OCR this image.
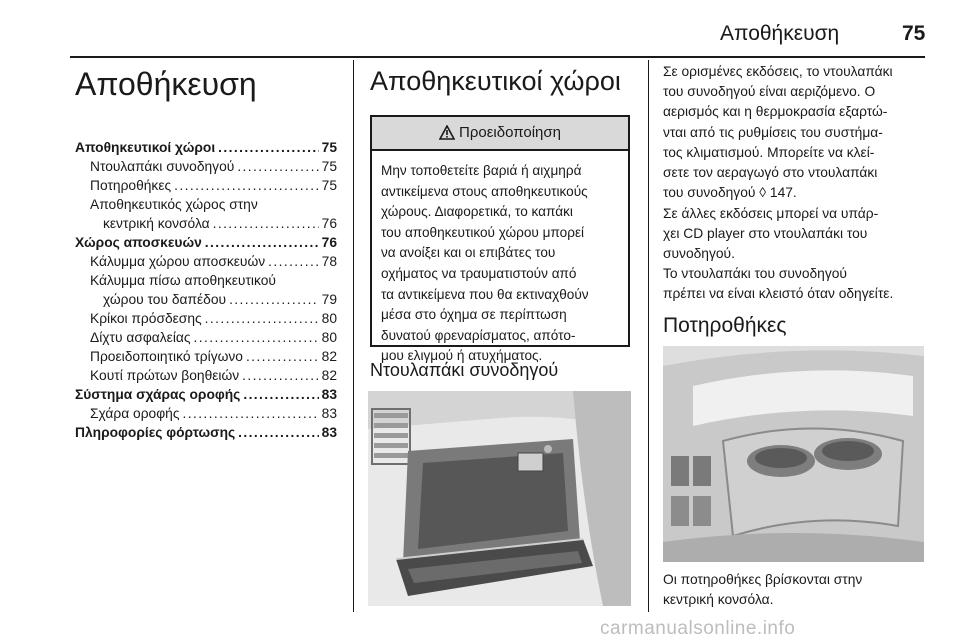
Αποθήκευση	75
Αποθήκευση
Αποθηκευτικοί χώροι .....	75
Ντουλαπάκι συνοδηγού .....	75
Ποτηροθήκες .....	75
Αποθηκευτικός χώρος στην
κεντρική κονσόλα .....	76
Χώρος αποσκευών .....	76
Κάλυμμα χώρου αποσκευών .....	78
Κάλυμμα πίσω αποθηκευτικού
χώρου του δαπέδου .....	79
Κρίκοι πρόσδεσης .....	80
Δίχτυ ασφαλείας .....	80
Προειδοποιητικό τρίγωνο .....	82
Κουτί πρώτων βοηθειών .....	82
Σύστημα σχάρας οροφής .....	83
Σχάρα οροφής .....	83
Πληροφορίες φόρτωσης .....	83
Αποθηκευτικοί χώροι
Προειδοποίηση
Μην τοποθετείτε βαριά ή αιχμηρά
αντικείμενα στους αποθηκευτικούς
χώρους. Διαφορετικά, το καπάκι
του αποθηκευτικού χώρου μπορεί
να ανοίξει και οι επιβάτες του
οχήματος να τραυματιστούν από
τα αντικείμενα που θα εκτιναχθούν
μέσα στο όχημα σε περίπτωση
δυνατού φρεναρίσματος, απότο-
μου ελιγμού ή ατυχήματος.
Ντουλαπάκι συνοδηγού
Σε ορισμένες εκδόσεις, το ντουλαπάκι
του συνοδηγού είναι αεριζόμενο. Ο
αερισμός και η θερμοκρασία εξαρτώ-
νται από τις ρυθμίσεις του συστήμα-
τος κλιματισμού. Μπορείτε να κλεί-
σετε τον αεραγωγό στο ντουλαπάκι
του συνοδηγού ◊ 147.
Σε άλλες εκδόσεις μπορεί να υπάρ-
χει CD player στο ντουλαπάκι του
συνοδηγού.
Το ντουλαπάκι του συνοδηγού
πρέπει να είναι κλειστό όταν οδηγείτε.
Ποτηροθήκες
Οι ποτηροθήκες βρίσκονται στην
κεντρική κονσόλα.
carmanualsonline.info
